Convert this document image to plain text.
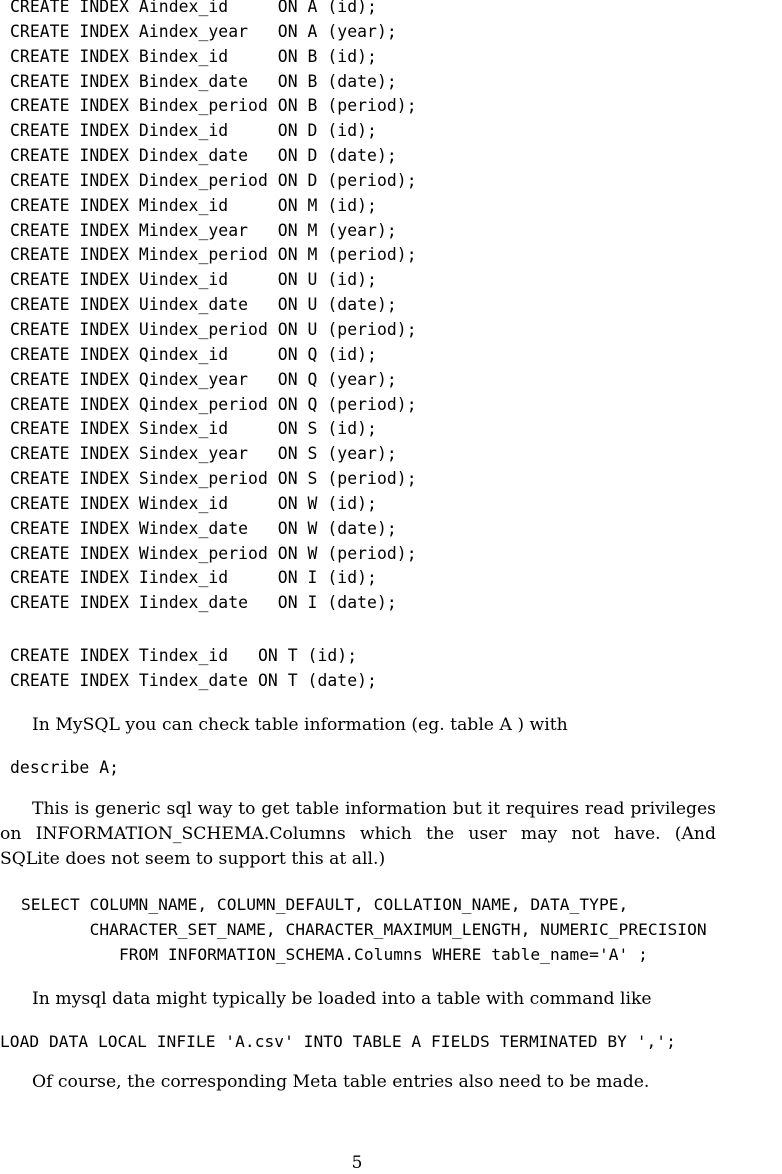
CREATE INDEX Aindex_id     ON A (id);
CREATE INDEX Aindex_year   ON A (year);
CREATE INDEX Bindex_id     ON B (id);
CREATE INDEX Bindex_date   ON B (date);
CREATE INDEX Bindex_period ON B (period);
CREATE INDEX Dindex_id     ON D (id);
CREATE INDEX Dindex_date   ON D (date);
CREATE INDEX Dindex_period ON D (period);
CREATE INDEX Mindex_id     ON M (id);
CREATE INDEX Mindex_year   ON M (year);
CREATE INDEX Mindex_period ON M (period);
CREATE INDEX Uindex_id     ON U (id);
CREATE INDEX Uindex_date   ON U (date);
CREATE INDEX Uindex_period ON U (period);
CREATE INDEX Qindex_id     ON Q (id);
CREATE INDEX Qindex_year   ON Q (year);
CREATE INDEX Qindex_period ON Q (period);
CREATE INDEX Sindex_id     ON S (id);
CREATE INDEX Sindex_year   ON S (year);
CREATE INDEX Sindex_period ON S (period);
CREATE INDEX Windex_id     ON W (id);
CREATE INDEX Windex_date   ON W (date);
CREATE INDEX Windex_period ON W (period);
CREATE INDEX Iindex_id     ON I (id);
CREATE INDEX Iindex_date   ON I (date);
CREATE INDEX Tindex_id   ON T (id);
CREATE INDEX Tindex_date ON T (date);

In MySQL you can check table information (eg. table A ) with

describe A;
This is generic sql way to get table information but it requires read privileges
on INFORMATION_SCHEMA.Columns which the user may not have. (And
SQLite does not seem to support this at all.)
SELECT COLUMN_NAME, COLUMN_DEFAULT, COLLATION_NAME, DATA_TYPE,
CHARACTER_SET_NAME, CHARACTER_MAXIMUM_LENGTH, NUMERIC_PRECISION
FROM INFORMATION_SCHEMA.Columns WHERE table_name='A' ;

In mysql data might typically be loaded into a table with command like

LOAD DATA LOCAL INFILE 'A.csv' INTO TABLE A FIELDS TERMINATED BY ',';

Of course, the corresponding Meta table entries also need to be made.

5
